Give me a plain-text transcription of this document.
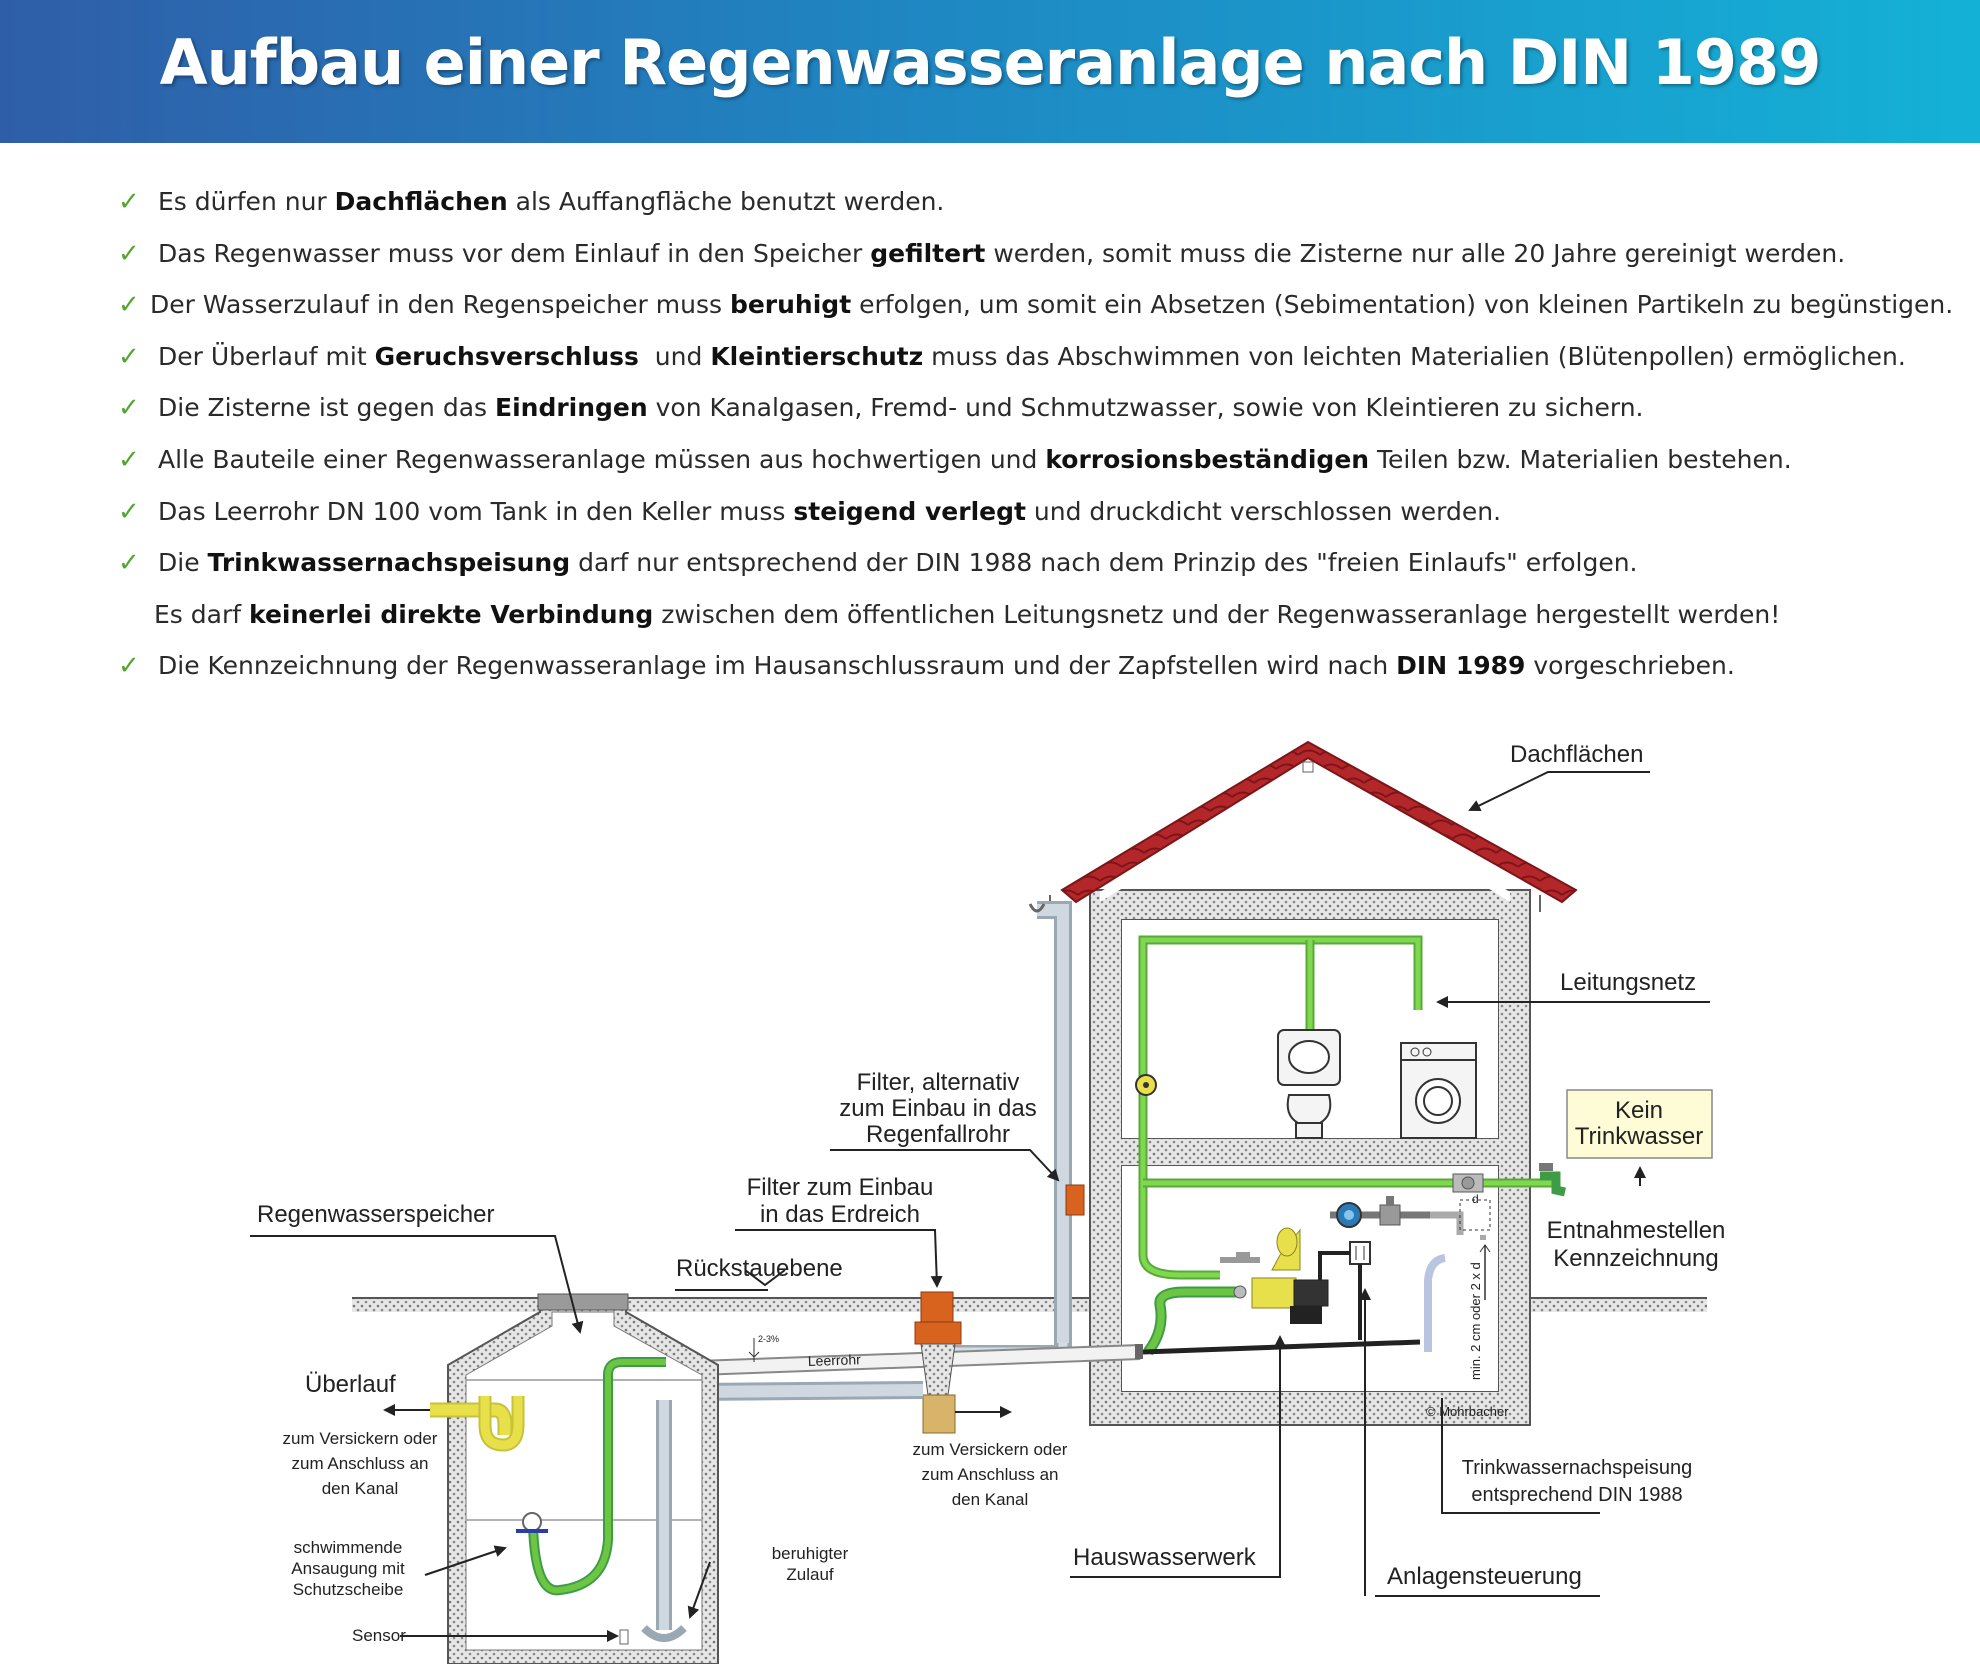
Aufbau einer Regenwasseranlage nach DIN 1989
✓ Es dürfen nur Dachflächen als Auffangfläche benutzt werden.
✓ Das Regenwasser muss vor dem Einlauf in den Speicher gefiltert werden, somit muss die Zisterne nur alle 20 Jahre gereinigt werden.
✓ Der Wasserzulauf in den Regenspeicher muss beruhigt erfolgen, um somit ein Absetzen (Sebimentation) von kleinen Partikeln zu begünstigen.
✓ Der Überlauf mit Geruchsverschluss  und Kleintierschutz muss das Abschwimmen von leichten Materialien (Blütenpollen) ermöglichen.
✓ Die Zisterne ist gegen das Eindringen von Kanalgasen, Fremd- und Schmutzwasser, sowie von Kleintieren zu sichern.
✓ Alle Bauteile einer Regenwasseranlage müssen aus hochwertigen und korrosionsbeständigen Teilen bzw. Materialien bestehen.
✓ Das Leerrohr DN 100 vom Tank in den Keller muss steigend verlegt und druckdicht verschlossen werden.
✓ Die Trinkwassernachspeisung darf nur entsprechend der DIN 1988 nach dem Prinzip des "freien Einlaufs" erfolgen.
Es darf keinerlei direkte Verbindung zwischen dem öffentlichen Leitungsnetz und der Regenwasseranlage hergestellt werden!
✓ Die Kennzeichnung der Regenwasseranlage im Hausanschlussraum und der Zapfstellen wird nach DIN 1989 vorgeschrieben.
Leerrohr
2-3%
d
min. 2 cm oder 2 x d
Dachflächen
Leitungsnetz
Kein
Trinkwasser
Entnahmestellen
Kennzeichnung
Filter, alternativ
zum Einbau in das
Regenfallrohr
Filter zum Einbau
in das Erdreich
Regenwasserspeicher
Rückstauebene
Überlauf
zum Versickern oder
zum Anschluss an
den Kanal
schwimmende
Ansaugung mit
Schutzscheibe
Sensor
beruhigter
Zulauf
zum Versickern oder
zum Anschluss an
den Kanal
Hauswasserwerk
Anlagensteuerung
Trinkwassernachspeisung
entsprechend DIN 1988
© Mohrbacher
